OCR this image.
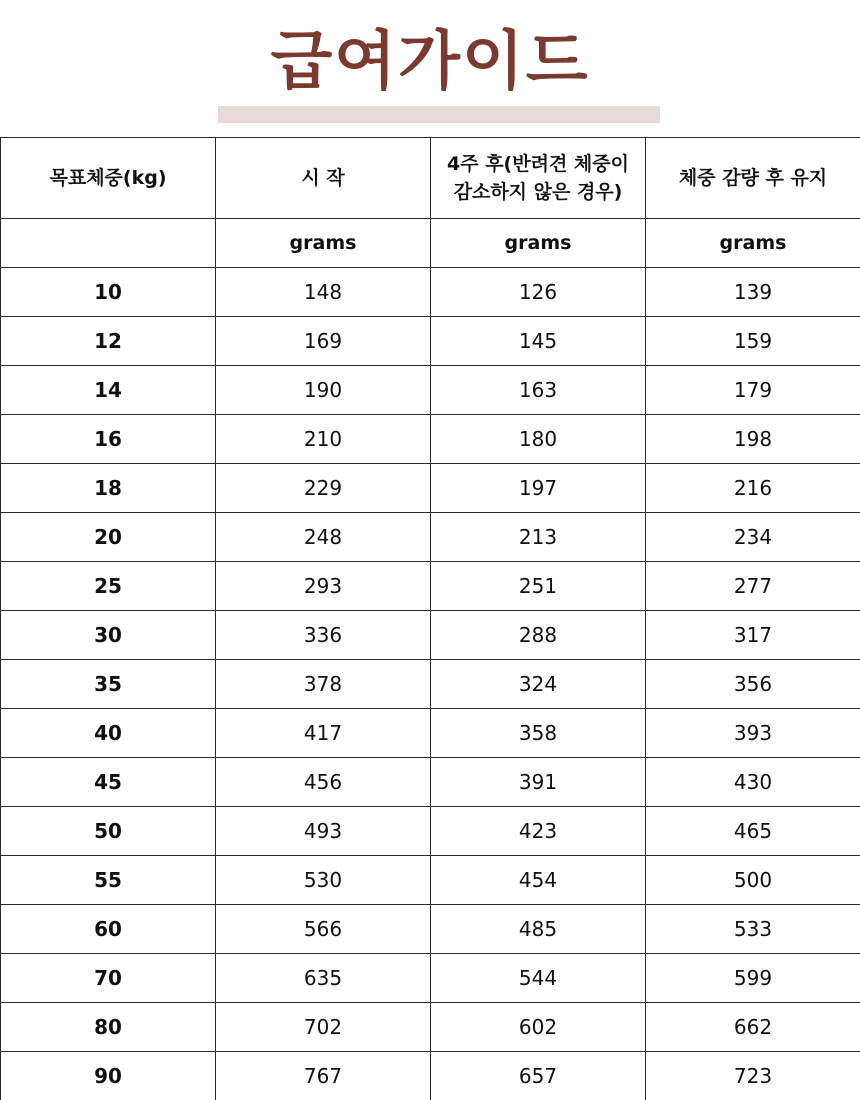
급여가이드
목표체중(kg)	시 작	4주 후(반려견 체중이 감소하지 않은 경우)	체중 감량 후 유지
	grams	grams	grams
10	148	126	139
12	169	145	159
14	190	163	179
16	210	180	198
18	229	197	216
20	248	213	234
25	293	251	277
30	336	288	317
35	378	324	356
40	417	358	393
45	456	391	430
50	493	423	465
55	530	454	500
60	566	485	533
70	635	544	599
80	702	602	662
90	767	657	723
